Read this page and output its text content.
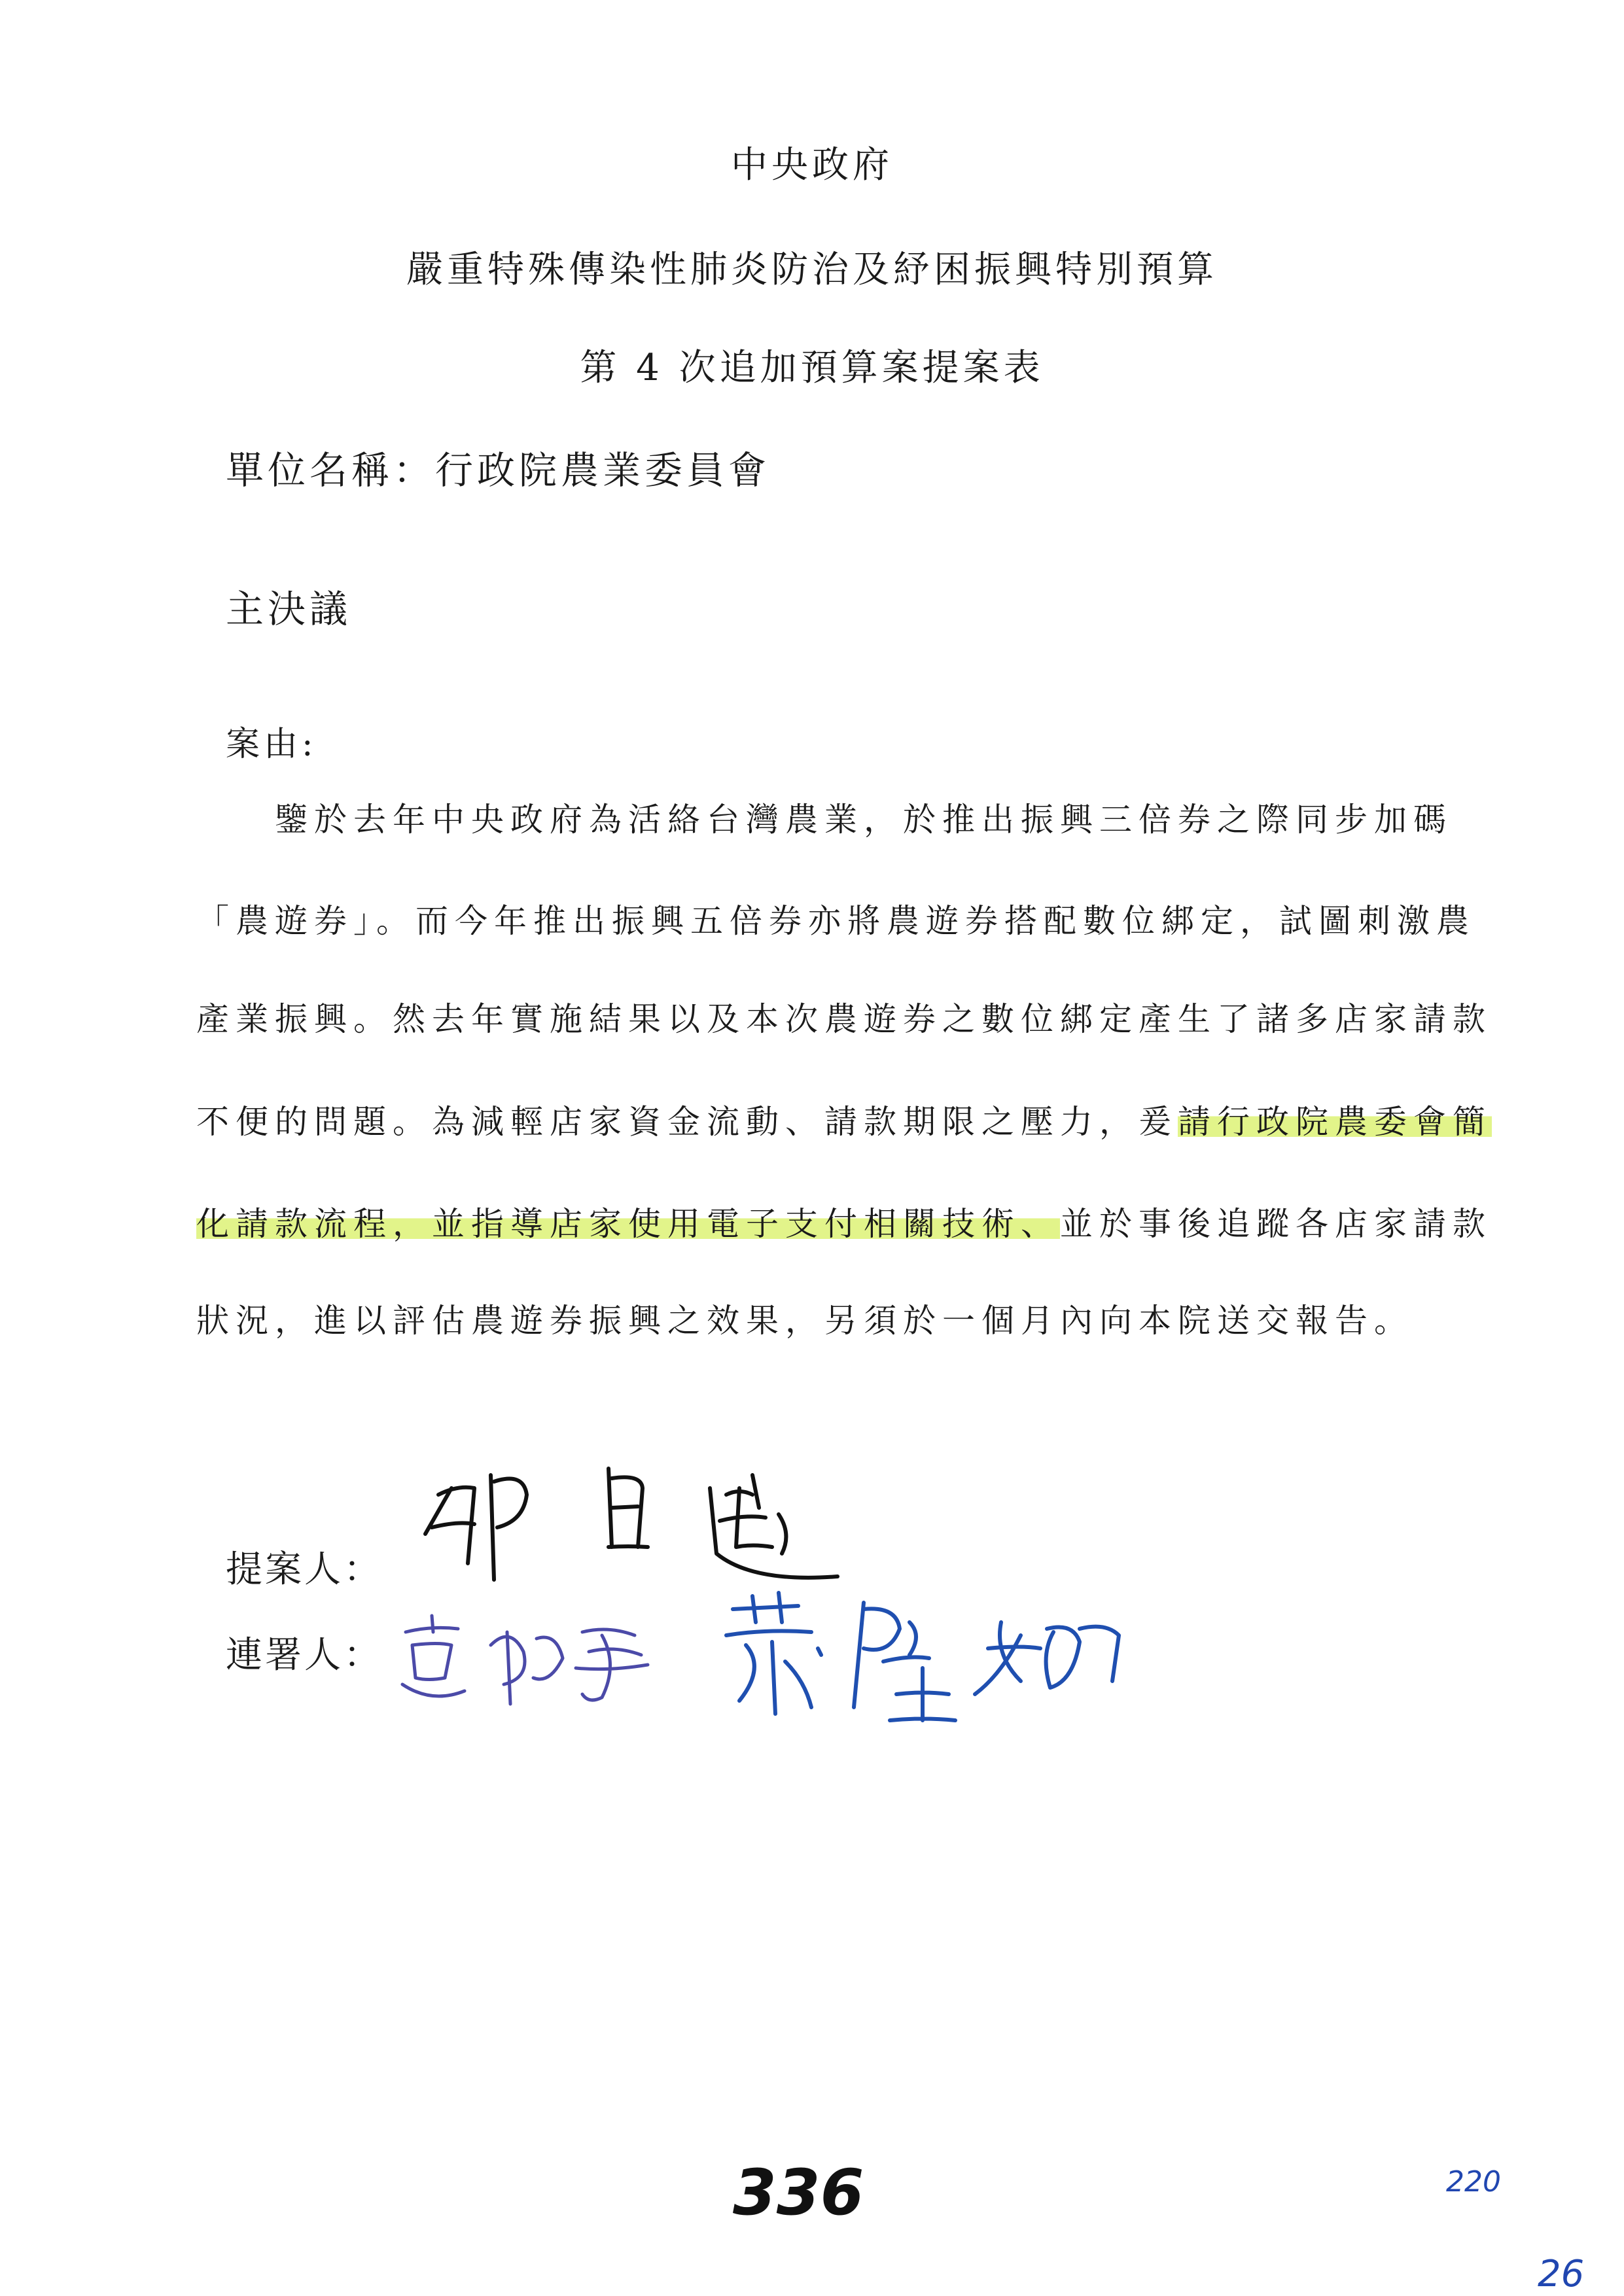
中央政府
嚴重特殊傳染性肺炎防治及紓困振興特別預算
第 4 次追加預算案提案表
單位名稱：行政院農業委員會
主決議
案由:
　　鑒於去年中央政府為活絡台灣農業，於推出振興三倍券之際同步加碼
「農遊券」。而今年推出振興五倍券亦將農遊券搭配數位綁定，試圖刺激農
產業振興。然去年實施結果以及本次農遊券之數位綁定產生了諸多店家請款
不便的問題。為減輕店家資金流動、請款期限之壓力，爰請行政院農委會簡
化請款流程，並指導店家使用電子支付相關技術、並於事後追蹤各店家請款
狀況，進以評估農遊券振興之效果，另須於一個月內向本院送交報告。
提案人：
連署人：
336	220
26
